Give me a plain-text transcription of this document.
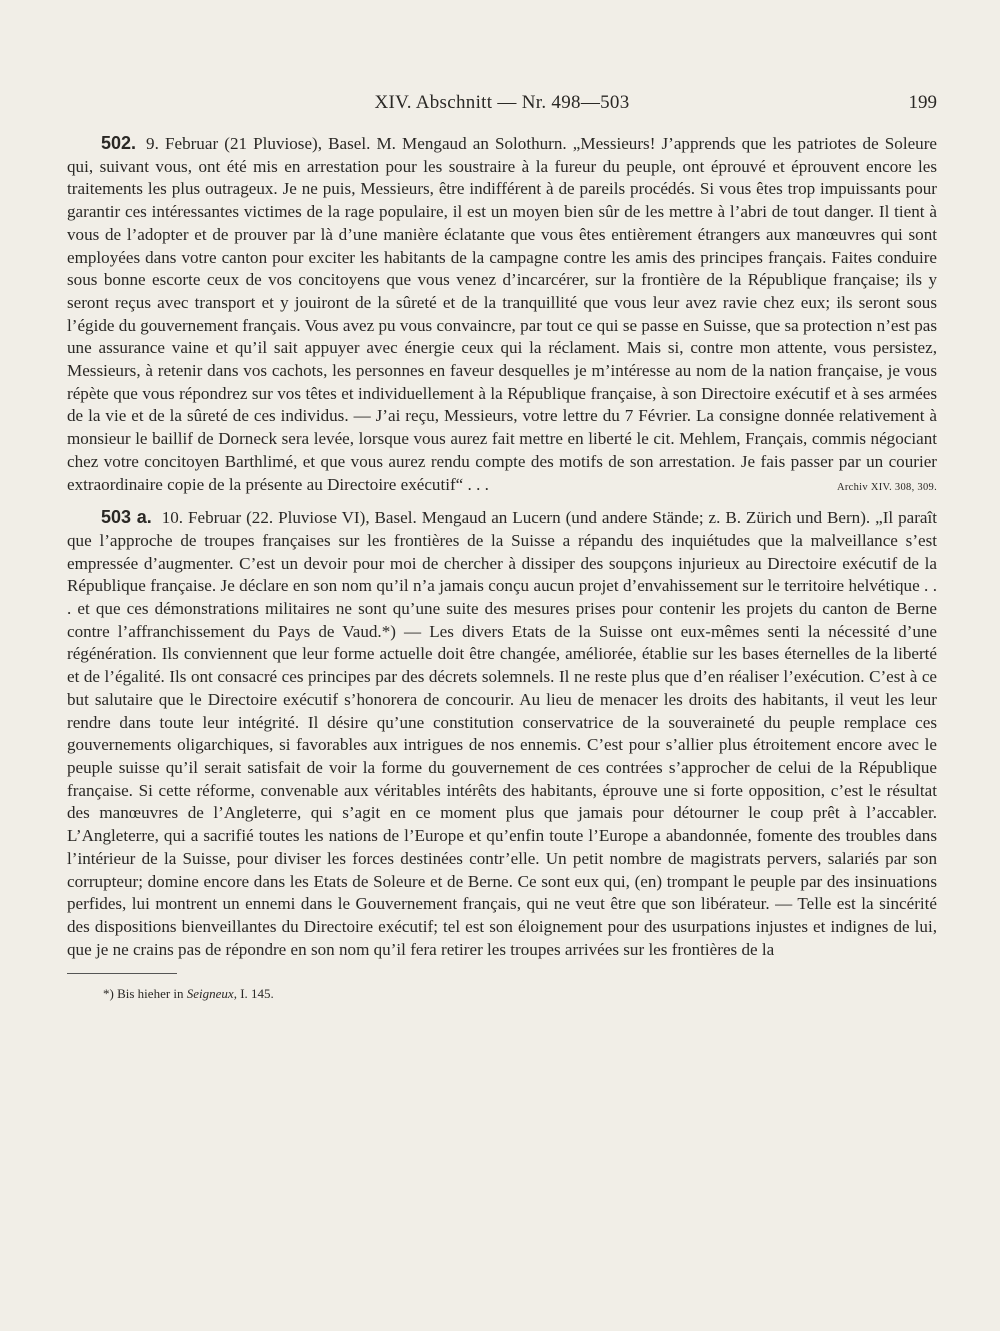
XIV. Abschnitt — Nr. 498—503	199

502. 9. Februar (21 Pluviose), Basel. M. Mengaud an Solothurn. „Messieurs! J’apprends que les patriotes de Soleure qui, suivant vous, ont été mis en arrestation pour les soustraire à la fureur du peuple, ont éprouvé et éprouvent encore les traitements les plus outrageux. Je ne puis, Messieurs, être indifférent à de pareils procédés. Si vous êtes trop impuissants pour garantir ces intéressantes victimes de la rage populaire, il est un moyen bien sûr de les mettre à l’abri de tout danger. Il tient à vous de l’adopter et de prouver par là d’une manière éclatante que vous êtes entièrement étrangers aux manœuvres qui sont employées dans votre canton pour exciter les habitants de la campagne contre les amis des principes français. Faites conduire sous bonne escorte ceux de vos concitoyens que vous venez d’incarcérer, sur la frontière de la République française; ils y seront reçus avec transport et y jouiront de la sûreté et de la tranquillité que vous leur avez ravie chez eux; ils seront sous l’égide du gouvernement français. Vous avez pu vous convaincre, par tout ce qui se passe en Suisse, que sa protection n’est pas une assurance vaine et qu’il sait appuyer avec énergie ceux qui la réclament. Mais si, contre mon attente, vous persistez, Messieurs, à retenir dans vos cachots, les personnes en faveur desquelles je m’intéresse au nom de la nation française, je vous répète que vous répondrez sur vos têtes et individuellement à la République française, à son Directoire exécutif et à ses armées de la vie et de la sûreté de ces individus. — J’ai reçu, Messieurs, votre lettre du 7 Février. La consigne donnée relativement à monsieur le baillif de Dorneck sera levée, lorsque vous aurez fait mettre en liberté le cit. Mehlem, Français, commis négociant chez votre concitoyen Barthlimé, et que vous aurez rendu compte des motifs de son arrestation. Je fais passer par un courier extraordinaire copie de la présente au Directoire exécutif“ . . .	Archiv XIV. 308, 309.

503 a. 10. Februar (22. Pluviose VI), Basel. Mengaud an Lucern (und andere Stände; z. B. Zürich und Bern). „Il paraît que l’approche de troupes françaises sur les frontières de la Suisse a répandu des inquiétudes que la malveillance s’est empressée d’augmenter. C’est un devoir pour moi de chercher à dissiper des soupçons injurieux au Directoire exécutif de la République française. Je déclare en son nom qu’il n’a jamais conçu aucun projet d’envahissement sur le territoire helvétique . . . et que ces démonstrations militaires ne sont qu’une suite des mesures prises pour contenir les projets du canton de Berne contre l’affranchissement du Pays de Vaud.*) — Les divers Etats de la Suisse ont eux-mêmes senti la nécessité d’une régénération. Ils conviennent que leur forme actuelle doit être changée, améliorée, établie sur les bases éternelles de la liberté et de l’égalité. Ils ont consacré ces principes par des décrets solemnels. Il ne reste plus que d’en réaliser l’exécution. C’est à ce but salutaire que le Directoire exécutif s’honorera de concourir. Au lieu de menacer les droits des habitants, il veut les leur rendre dans toute leur intégrité. Il désire qu’une constitution conservatrice de la souveraineté du peuple remplace ces gouvernements oligarchiques, si favorables aux intrigues de nos ennemis. C’est pour s’allier plus étroitement encore avec le peuple suisse qu’il serait satisfait de voir la forme du gouvernement de ces contrées s’approcher de celui de la République française. Si cette réforme, convenable aux véritables intérêts des habitants, éprouve une si forte opposition, c’est le résultat des manœuvres de l’Angleterre, qui s’agit en ce moment plus que jamais pour détourner le coup prêt à l’accabler. L’Angleterre, qui a sacrifié toutes les nations de l’Europe et qu’enfin toute l’Europe a abandonnée, fomente des troubles dans l’intérieur de la Suisse, pour diviser les forces destinées contr’elle. Un petit nombre de magistrats pervers, salariés par son corrupteur; domine encore dans les Etats de Soleure et de Berne. Ce sont eux qui, (en) trompant le peuple par des insinuations perfides, lui montrent un ennemi dans le Gouvernement français, qui ne veut être que son libérateur. — Telle est la sincérité des dispositions bienveillantes du Directoire exécutif; tel est son éloignement pour des usurpations injustes et indignes de lui, que je ne crains pas de répondre en son nom qu’il fera retirer les troupes arrivées sur les frontières de la

*) Bis hieher in Seigneux, I. 145.
